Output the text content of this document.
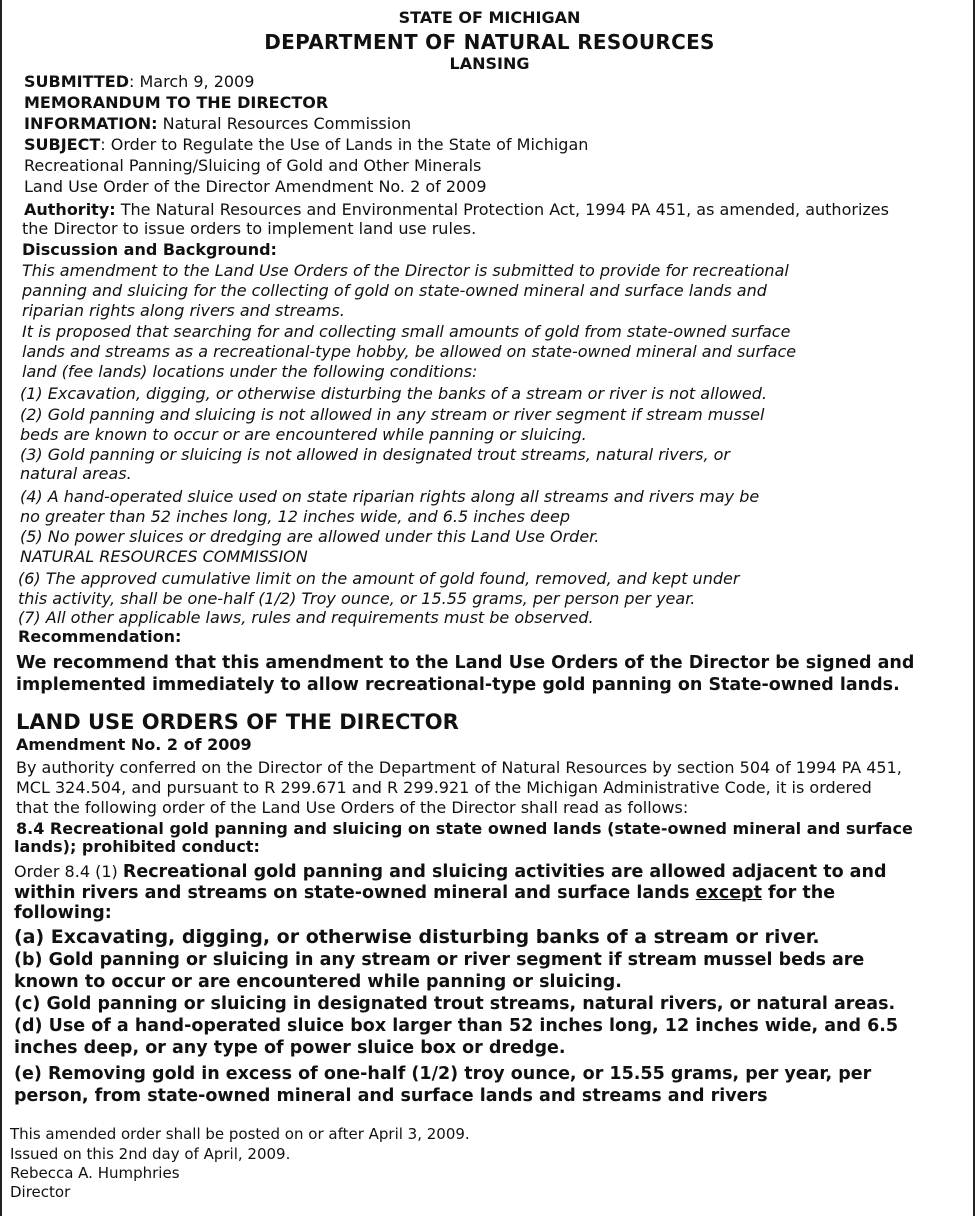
STATE OF MICHIGAN
DEPARTMENT OF NATURAL RESOURCES
LANSING
SUBMITTED: March 9, 2009
MEMORANDUM TO THE DIRECTOR
INFORMATION: Natural Resources Commission
SUBJECT: Order to Regulate the Use of Lands in the State of Michigan
Recreational Panning/Sluicing of Gold and Other Minerals
Land Use Order of the Director Amendment No. 2 of 2009
Authority: The Natural Resources and Environmental Protection Act, 1994 PA 451, as amended, authorizes
the Director to issue orders to implement land use rules.
Discussion and Background:
This amendment to the Land Use Orders of the Director is submitted to provide for recreational
panning and sluicing for the collecting of gold on state-owned mineral and surface lands and
riparian rights along rivers and streams.
It is proposed that searching for and collecting small amounts of gold from state-owned surface
lands and streams as a recreational-type hobby, be allowed on state-owned mineral and surface
land (fee lands) locations under the following conditions:
(1) Excavation, digging, or otherwise disturbing the banks of a stream or river is not allowed.
(2) Gold panning and sluicing is not allowed in any stream or river segment if stream mussel
beds are known to occur or are encountered while panning or sluicing.
(3) Gold panning or sluicing is not allowed in designated trout streams, natural rivers, or
natural areas.
(4) A hand-operated sluice used on state riparian rights along all streams and rivers may be
no greater than 52 inches long, 12 inches wide, and 6.5 inches deep
(5) No power sluices or dredging are allowed under this Land Use Order.
NATURAL RESOURCES COMMISSION
(6) The approved cumulative limit on the amount of gold found, removed, and kept under
this activity, shall be one-half (1/2) Troy ounce, or 15.55 grams, per person per year.
(7) All other applicable laws, rules and requirements must be observed.
Recommendation:
We recommend that this amendment to the Land Use Orders of the Director be signed and
implemented immediately to allow recreational-type gold panning on State-owned lands.
LAND USE ORDERS OF THE DIRECTOR
Amendment No. 2 of 2009
By authority conferred on the Director of the Department of Natural Resources by section 504 of 1994 PA 451,
MCL 324.504, and pursuant to R 299.671 and R 299.921 of the Michigan Administrative Code, it is ordered
that the following order of the Land Use Orders of the Director shall read as follows:
8.4 Recreational gold panning and sluicing on state owned lands (state-owned mineral and surface
lands); prohibited conduct:
Order 8.4 (1) Recreational gold panning and sluicing activities are allowed adjacent to and
within rivers and streams on state-owned mineral and surface lands except for the
following:
(a) Excavating, digging, or otherwise disturbing banks of a stream or river.
(b) Gold panning or sluicing in any stream or river segment if stream mussel beds are
known to occur or are encountered while panning or sluicing.
(c) Gold panning or sluicing in designated trout streams, natural rivers, or natural areas.
(d) Use of a hand-operated sluice box larger than 52 inches long, 12 inches wide, and 6.5
inches deep, or any type of power sluice box or dredge.
(e) Removing gold in excess of one-half (1/2) troy ounce, or 15.55 grams, per year, per
person, from state-owned mineral and surface lands and streams and rivers
This amended order shall be posted on or after April 3, 2009.
Issued on this 2nd day of April, 2009.
Rebecca A. Humphries
Director
